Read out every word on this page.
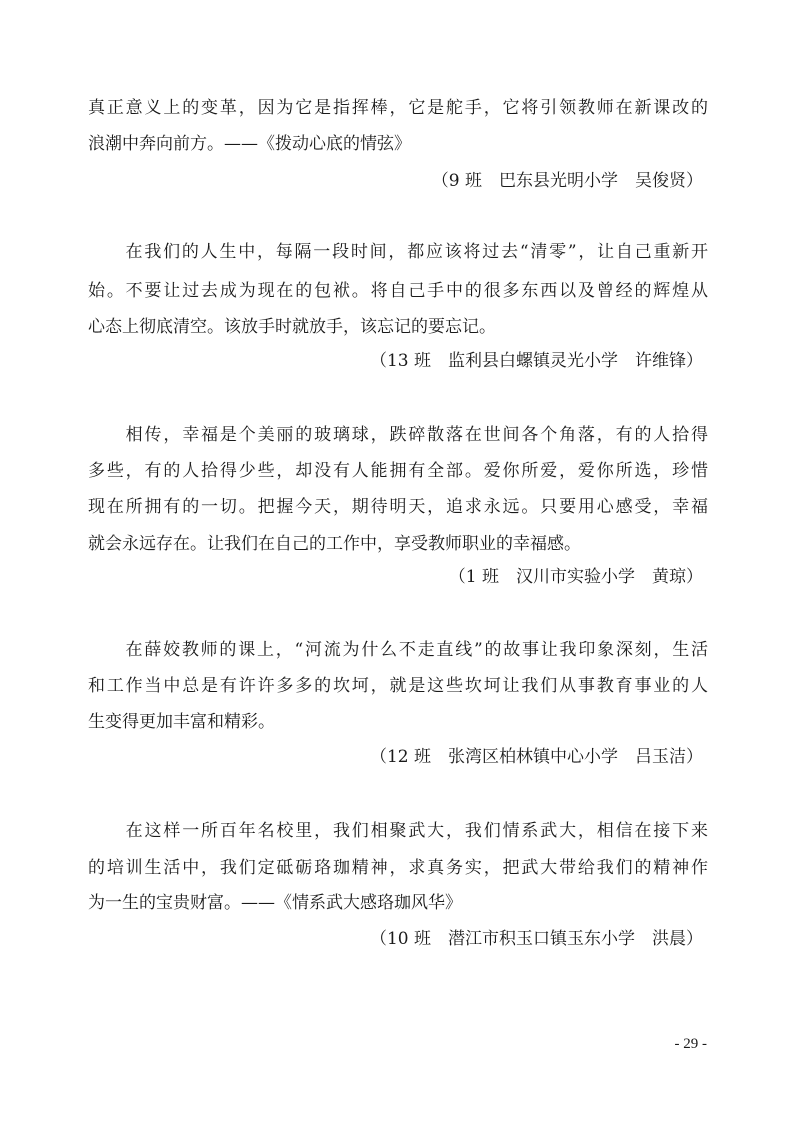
真正意义上的变革，因为它是指挥棒，它是舵手，它将引领教师在新课改的
浪潮中奔向前方。——《拨动心底的情弦》
（9 班　巴东县光明小学　吴俊贤）
　　在我们的人生中，每隔一段时间，都应该将过去“清零”，让自己重新开
始。不要让过去成为现在的包袱。将自己手中的很多东西以及曾经的辉煌从
心态上彻底清空。该放手时就放手，该忘记的要忘记。
（13 班　监利县白螺镇灵光小学　许维锋）
　　相传，幸福是个美丽的玻璃球，跌碎散落在世间各个角落，有的人拾得
多些，有的人拾得少些，却没有人能拥有全部。爱你所爱，爱你所选，珍惜
现在所拥有的一切。把握今天，期待明天，追求永远。只要用心感受，幸福
就会永远存在。让我们在自己的工作中，享受教师职业的幸福感。
（1 班　汉川市实验小学　黄琼）
　　在薛姣教师的课上，“河流为什么不走直线”的故事让我印象深刻，生活
和工作当中总是有许许多多的坎坷，就是这些坎坷让我们从事教育事业的人
生变得更加丰富和精彩。
（12 班　张湾区柏林镇中心小学　吕玉洁）
　　在这样一所百年名校里，我们相聚武大，我们情系武大，相信在接下来
的培训生活中，我们定砥砺珞珈精神，求真务实，把武大带给我们的精神作
为一生的宝贵财富。——《情系武大感珞珈风华》
（10 班　潜江市积玉口镇玉东小学　洪晨）
- 29 -
